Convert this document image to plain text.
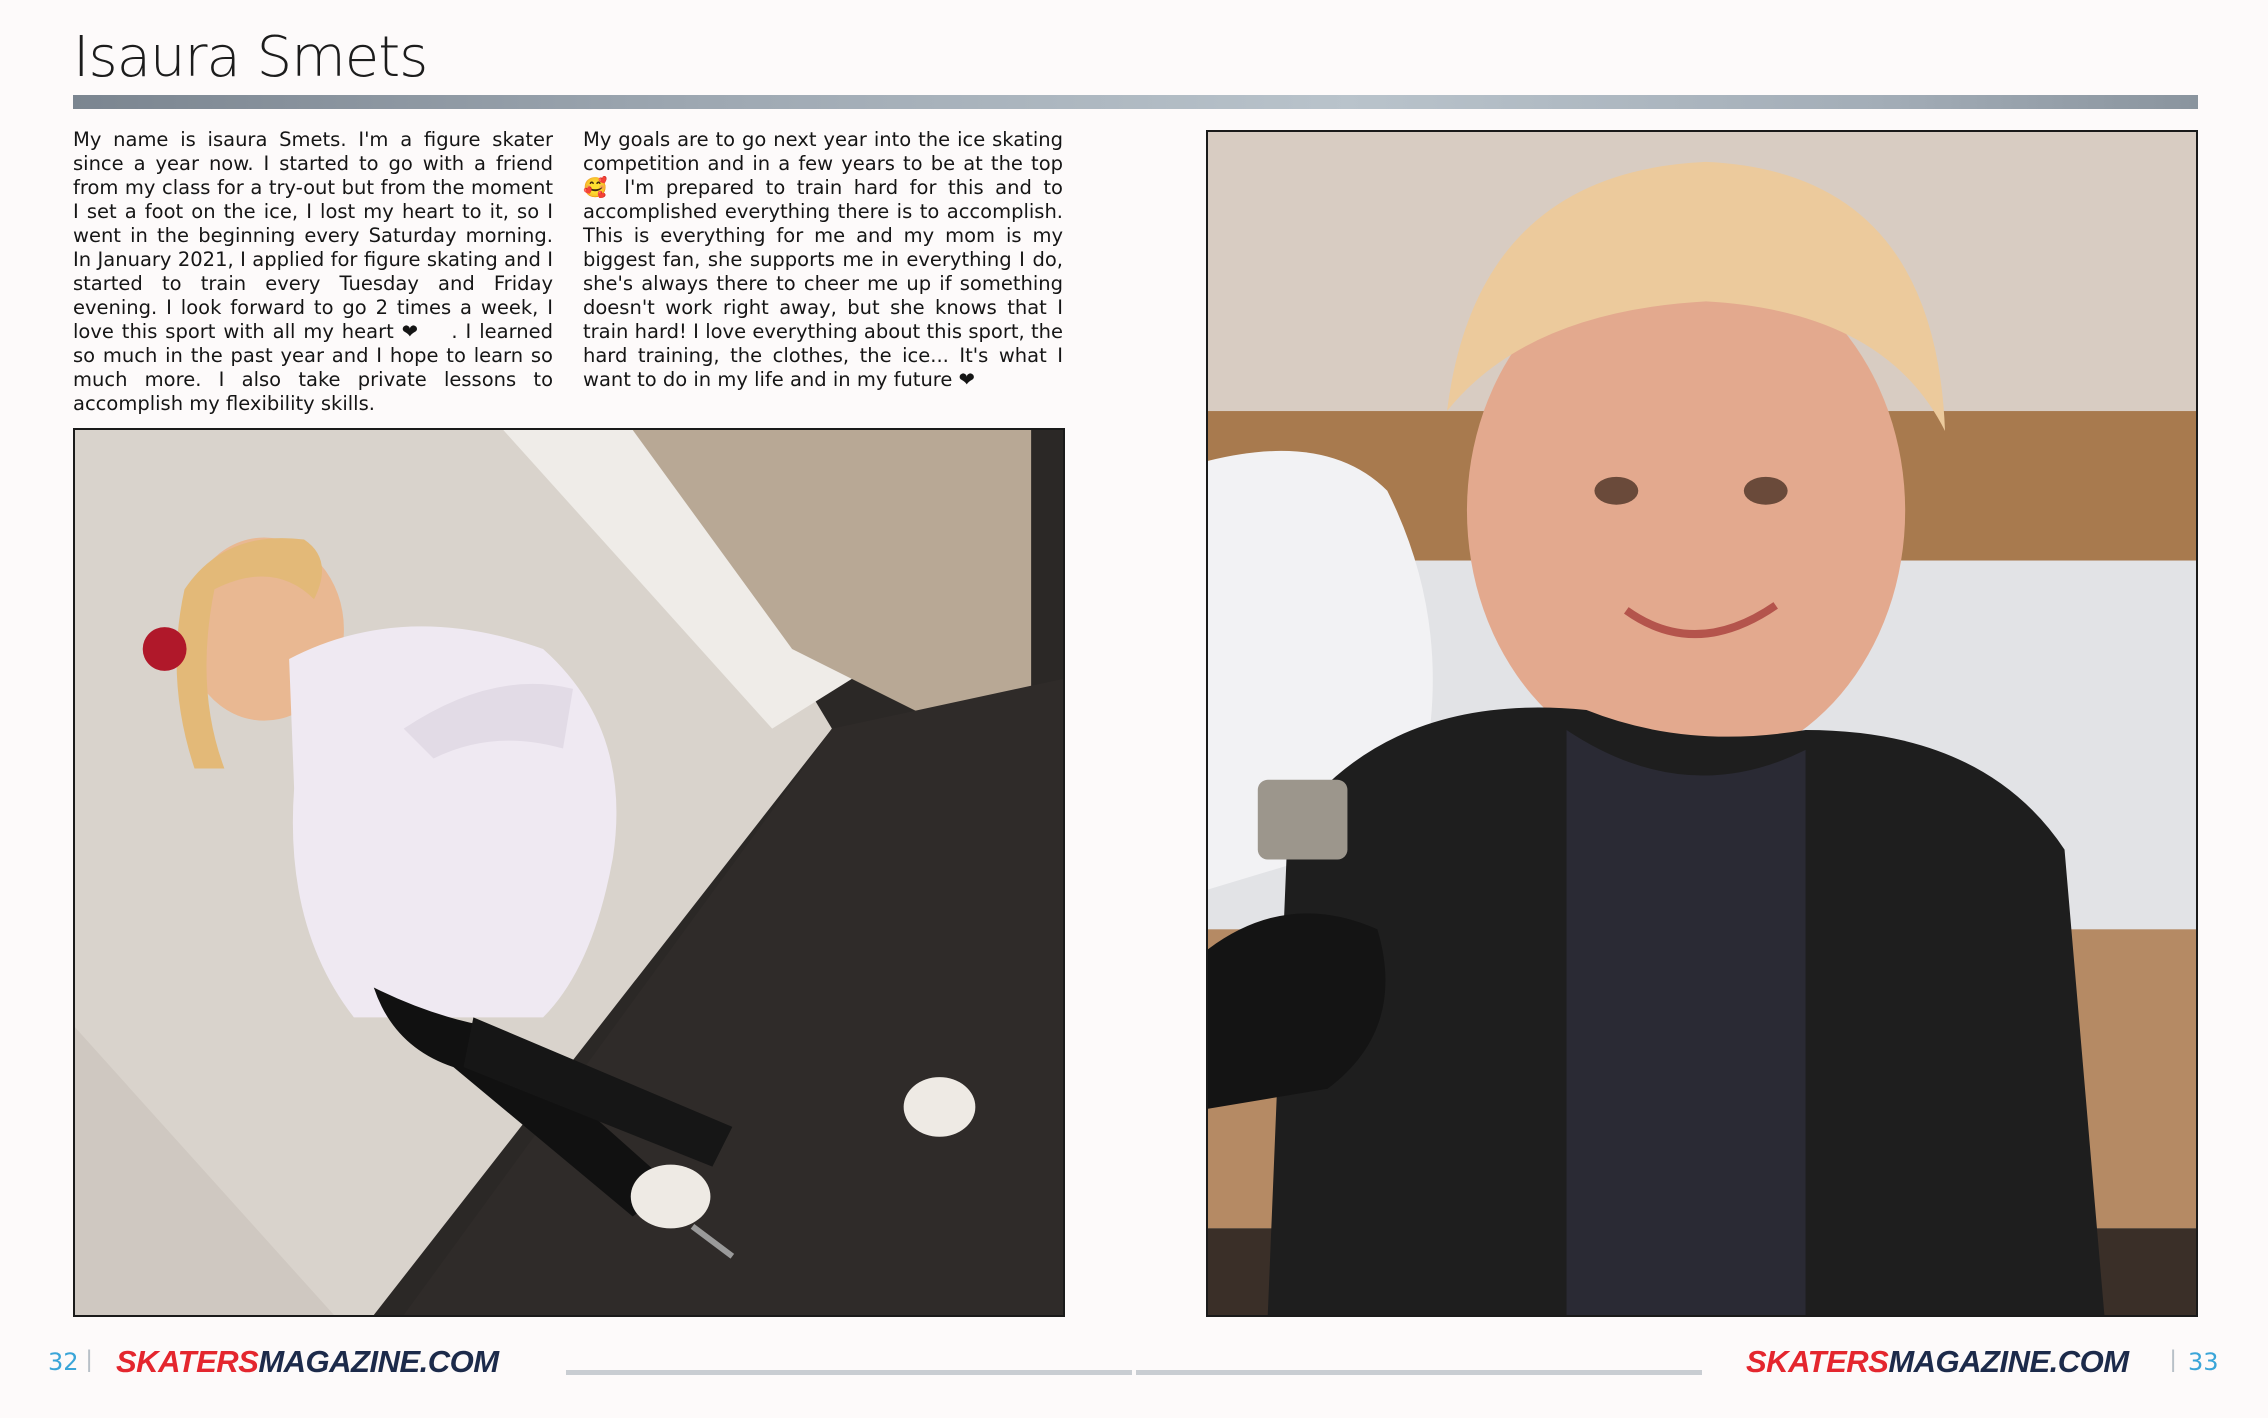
Isaura Smets

My name is isaura Smets. I'm a figure skater since a year now. I started to go with a friend from my class for a try-out but from the moment I set a foot on the ice, I lost my heart to it, so I went in the beginning every Saturday morning. In January 2021, I applied for figure skating and I started to train every Tuesday and Friday evening. I look forward to go 2 times a week, I love this sport with all my heart ❤    . I learned so much in the past year and I hope to learn so much more. I also take private lessons to accomplish my flexibility skills.

My goals are to go next year into the ice skating competition and in a few years to be at the top 🥰 I'm prepared to train hard for this and to accomplished everything there is to accomplish. This is everything for me and my mom is my biggest fan, she supports me in everything I do, she's always there to cheer me up if something doesn't work right away, but she knows that I train hard! I love everything about this sport, the hard training, the clothes, the ice... It's what I want to do in my life and in my future ❤

32 | SKATERSMAGAZINE.COM	SKATERSMAGAZINE.COM | 33
